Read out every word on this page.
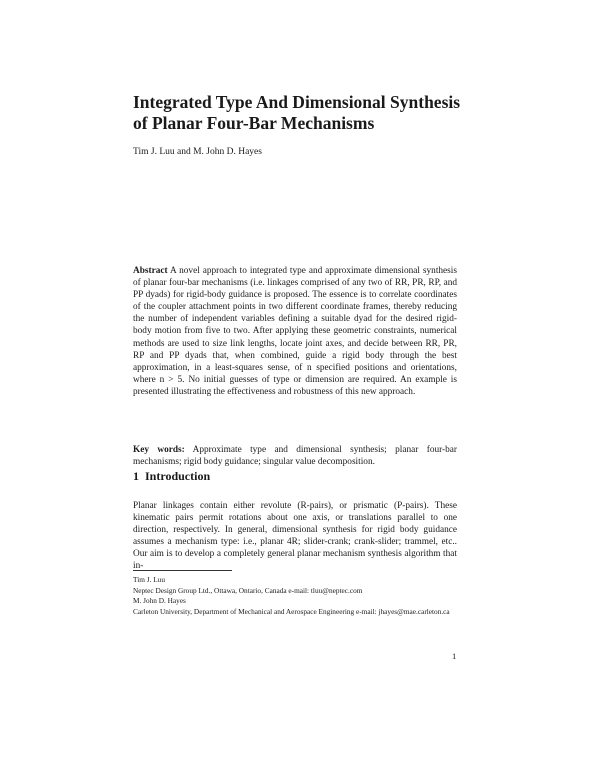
Integrated Type And Dimensional Synthesis of Planar Four-Bar Mechanisms

Tim J. Luu and M. John D. Hayes

Abstract A novel approach to integrated type and approximate dimensional synthesis of planar four-bar mechanisms (i.e. linkages comprised of any two of RR, PR, RP, and PP dyads) for rigid-body guidance is proposed. The essence is to correlate coordinates of the coupler attachment points in two different coordinate frames, thereby reducing the number of independent variables defining a suitable dyad for the desired rigid-body motion from five to two. After applying these geometric constraints, numerical methods are used to size link lengths, locate joint axes, and decide between RR, PR, RP and PP dyads that, when combined, guide a rigid body through the best approximation, in a least-squares sense, of n specified positions and orientations, where n > 5. No initial guesses of type or dimension are required. An example is presented illustrating the effectiveness and robustness of this new approach.

Key words: Approximate type and dimensional synthesis; planar four-bar mechanisms; rigid body guidance; singular value decomposition.

1 Introduction

Planar linkages contain either revolute (R-pairs), or prismatic (P-pairs). These kinematic pairs permit rotations about one axis, or translations parallel to one direction, respectively. In general, dimensional synthesis for rigid body guidance assumes a mechanism type: i.e., planar 4R; slider-crank; crank-slider; trammel, etc.. Our aim is to develop a completely general planar mechanism synthesis algorithm that in-

Tim J. Luu
Neptec Design Group Ltd., Ottawa, Ontario, Canada e-mail: tluu@neptec.com
M. John D. Hayes
Carleton University, Department of Mechanical and Aerospace Engineering e-mail: jhayes@mae.carleton.ca

1
